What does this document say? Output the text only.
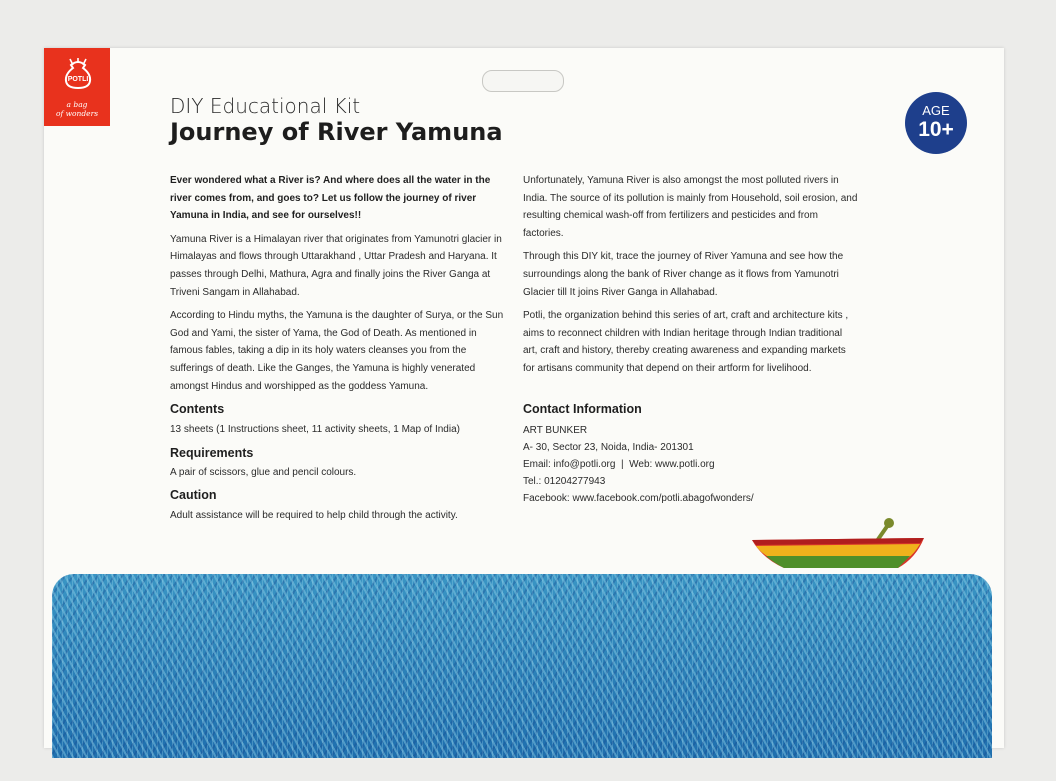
POTLI
a bag
of wonders	DIY Educational Kit
Journey of River Yamuna
AGE
10+

Ever wondered what a River is? And where does all the water in the river comes from, and goes to? Let us follow the journey of river Yamuna in India, and see for ourselves!!

Yamuna River is a Himalayan river that originates from Yamunotri glacier in Himalayas and flows through Uttarakhand , Uttar Pradesh and Haryana. It passes through Delhi, Mathura, Agra and finally joins the River Ganga at Triveni Sangam in Allahabad.

According to Hindu myths, the Yamuna is the daughter of Surya, or the Sun God and Yami, the sister of Yama, the God of Death. As mentioned in famous fables, taking a dip in its holy waters cleanses you from the sufferings of death. Like the Ganges, the Yamuna is highly venerated amongst Hindus and worshipped as the goddess Yamuna.

Unfortunately, Yamuna River is also amongst the most polluted rivers in India. The source of its pollution is mainly from Household, soil erosion, and resulting chemical wash-off from fertilizers and pesticides and from factories.

Through this DIY kit, trace the journey of River Yamuna and see how the surroundings along the bank of River change as it flows from Yamunotri Glacier till It joins River Ganga in Allahabad.

Potli, the organization behind this series of art, craft and architecture kits , aims to reconnect children with Indian heritage through Indian traditional art, craft and history, thereby creating awareness and expanding markets for artisans community that depend on their artform for livelihood.

Contents
13 sheets (1 Instructions sheet, 11 activity sheets, 1 Map of India)
Requirements
A pair of scissors, glue and pencil colours.
Caution
Adult assistance will be required to help child through the activity.
Contact Information
ART BUNKER
A- 30, Sector 23, Noida, India- 201301
Email: info@potli.org  |  Web: www.potli.org
Tel.: 01204277943
Facebook: www.facebook.com/potli.abagofwonders/
